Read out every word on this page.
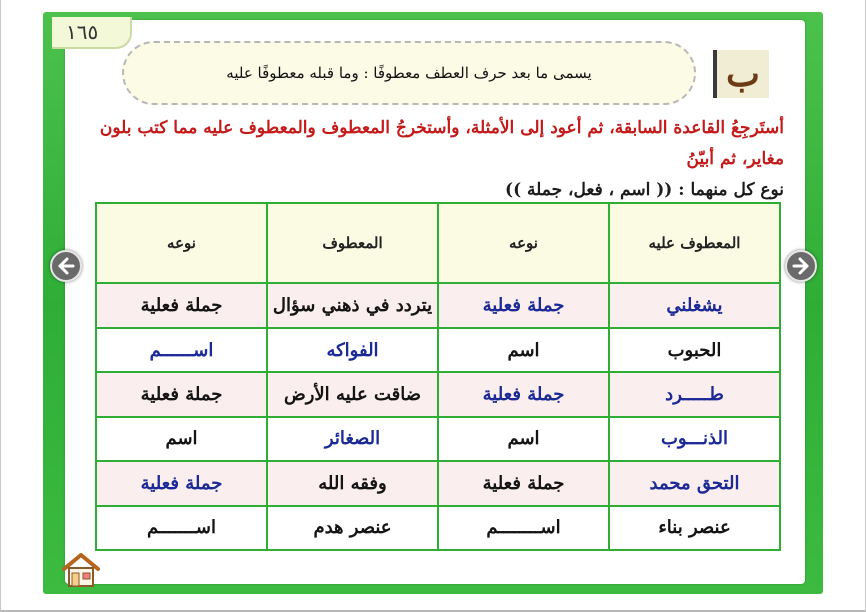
١٦٥
يسمى ما بعد حرف العطف معطوفًا : وما قبله معطوفًا عليه	ب
أستَرجِعُ القاعدة السابقة، ثم أعود إلى الأمثلة، وأستخرجُ المعطوف والمعطوف عليه مما كتب بلون مغاير، ثم أبيّنُ
نوع كل منهما : (( اسم ، فعل، جملة ))
المعطوف عليه	نوعه	المعطوف	نوعه
يشغلني	جملة فعلية	يتردد في ذهني سؤال	جملة فعلية
الحبوب	اسم	الفواكه	اســــــم
طـــــرد	جملة فعلية	ضاقت عليه الأرض	جملة فعلية
الذنـــوب	اسم	الصغائر	اسم
التحق محمد	جملة فعلية	وفقه الله	جملة فعلية
عنصر بناء	اســــــــم	عنصر هدم	اســـــــم
